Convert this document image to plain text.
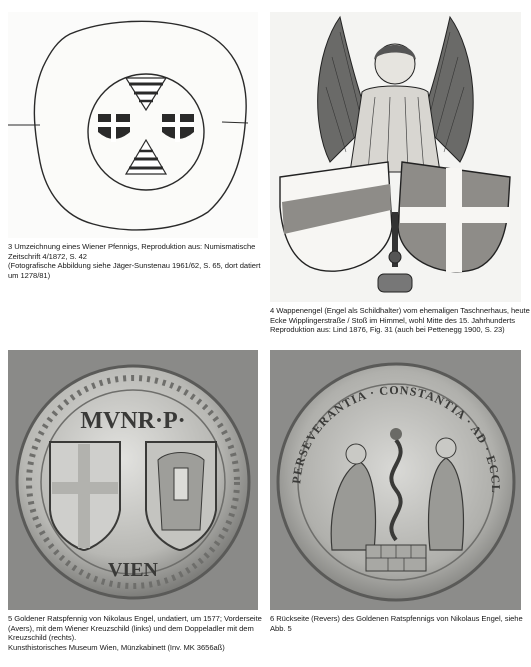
3 Umzeichnung eines Wiener Pfennigs, Reproduktion aus: Numismatische
Zeitschrift 4/1872, S. 42
(Fotografische Abbildung siehe Jäger-Sunstenau 1961/62, S. 65, dort datiert
um 1278/81)
4 Wappenengel (Engel als Schildhalter) vom ehemaligen Taschnerhaus, heute
Ecke Wipplingerstraße / Stoß im Himmel, wohl Mitte des 15. Jahrhunderts
Reproduktion aus: Lind 1876, Fig. 31 (auch bei Pettenegg 1900, S. 23)
MVNR·P·
VIEN
5 Goldener Ratspfennig von Nikolaus Engel, undatiert, um 1577; Vorderseite
(Avers), mit dem Wiener Kreuzschild (links) und dem Doppeladler mit dem
Kreuzschild (rechts).
Kunsthistorisches Museum Wien, Münzkabinett (Inv. MK 3656aß)
PERSEVERANTIA · CONSTANTIA · AD · ECCL
6 Rückseite (Revers) des Goldenen Ratspfennigs von Nikolaus Engel, siehe
Abb. 5
